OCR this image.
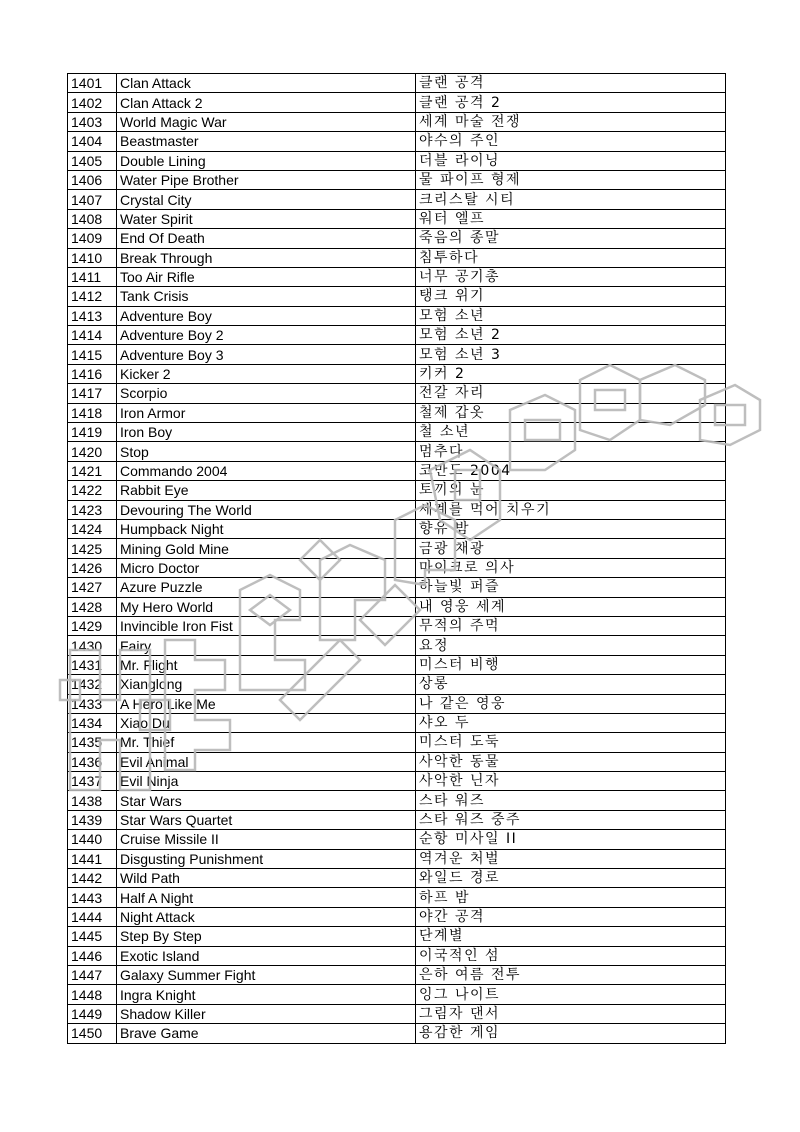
1401	Clan Attack	클랜 공격
1402	Clan Attack 2	클랜 공격 2
1403	World Magic War	세계 마술 전쟁
1404	Beastmaster	야수의 주인
1405	Double Lining	더블 라이닝
1406	Water Pipe Brother	물 파이프 형제
1407	Crystal City	크리스탈 시티
1408	Water Spirit	워터 엘프
1409	End Of Death	죽음의 종말
1410	Break Through	침투하다
1411	Too Air Rifle	너무 공기총
1412	Tank Crisis	탱크 위기
1413	Adventure Boy	모험 소년
1414	Adventure Boy 2	모험 소년 2
1415	Adventure Boy 3	모험 소년 3
1416	Kicker 2	키커 2
1417	Scorpio	전갈 자리
1418	Iron Armor	철제 갑옷
1419	Iron Boy	철 소년
1420	Stop	멈추다
1421	Commando 2004	코만도 2004
1422	Rabbit Eye	토끼의 눈
1423	Devouring The World	세계를 먹어 치우기
1424	Humpback Night	향유 밤
1425	Mining Gold Mine	금광 채광
1426	Micro Doctor	마이크로 의사
1427	Azure Puzzle	하늘빛 퍼즐
1428	My Hero World	내 영웅 세계
1429	Invincible Iron Fist	무적의 주먹
1430	Fairy	요정
1431	Mr. Flight	미스터 비행
1432	Xianglong	상롱
1433	A Hero Like Me	나 같은 영웅
1434	Xiao Du	샤오 두
1435	Mr. Thief	미스터 도둑
1436	Evil Animal	사악한 동물
1437	Evil Ninja	사악한 닌자
1438	Star Wars	스타 워즈
1439	Star Wars Quartet	스타 워즈 중주
1440	Cruise Missile II	순항 미사일 II
1441	Disgusting Punishment	역겨운 처벌
1442	Wild Path	와일드 경로
1443	Half A Night	하프 밤
1444	Night Attack	야간 공격
1445	Step By Step	단계별
1446	Exotic Island	이국적인 섬
1447	Galaxy Summer Fight	은하 여름 전투
1448	Ingra Knight	잉그 나이트
1449	Shadow Killer	그림자 댄서
1450	Brave Game	용감한 게임
